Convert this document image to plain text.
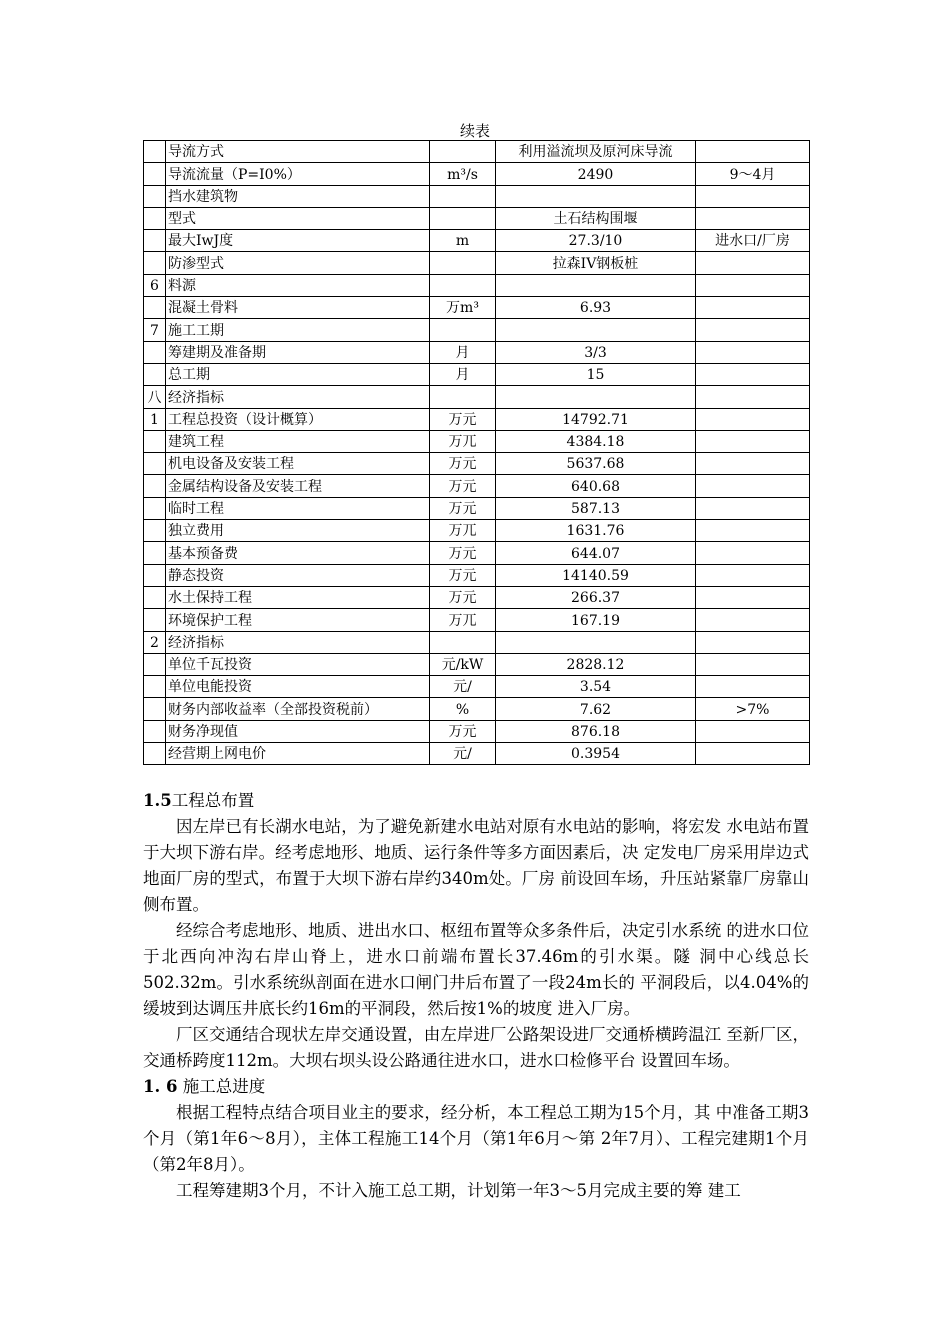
续表
	导流方式		利用溢流坝及原河床导流	
	导流流量（P=I0%）	m³/s	2490	9〜4月
	挡水建筑物			
	型式		土石结构围堰	
	最大IwJ度	m	27.3/10	进水口/厂房
	防渗型式		拉森IV钢板桩	
6	料源			
	混凝土骨料	万m³	6.93	
7	施工工期			
	筹建期及准备期	月	3/3	
	总工期	月	15	
八	经济指标			
1	工程总投资（设计概算）	万元	14792.71	
	建筑工程	万兀	4384.18	
	机电设备及安装工程	万元	5637.68	
	金属结构设备及安装工程	万元	640.68	
	临时工程	万元	587.13	
	独立费用	万兀	1631.76	
	基本预备费	万元	644.07	
	静态投资	万元	14140.59	
	水土保持工程	万元	266.37	
	环境保护工程	万兀	167.19	
2	经济指标			
	单位千瓦投资	元/kW	2828.12	
	单位电能投资	元/	3.54	
	财务内部收益率（全部投资税前）	%	7.62	>7%
	财务净现值	万元	876.18	
	经营期上网电价	元/	0.3954	
1.5工程总布置

因左岸已有长湖水电站，为了避免新建水电站对原有水电站的影响，将宏发 水电站布置于大坝下游右岸。经考虑地形、地质、运行条件等多方面因素后，决 定发电厂房采用岸边式地面厂房的型式，布置于大坝下游右岸约340m处。厂房 前设回车场，升压站紧靠厂房靠山侧布置。

经综合考虑地形、地质、进出水口、枢纽布置等众多条件后，决定引水系统 的进水口位于北西向冲沟右岸山脊上，进水口前端布置长37.46m的引水渠。隧 洞中心线总长502.32m。引水系统纵剖面在进水口闸门井后布置了一段24m长的 平洞段后，以4.04%的缓坡到达调压井底长约16m的平洞段，然后按1%的坡度 进入厂房。

厂区交通结合现状左岸交通设置，由左岸进厂公路架设进厂交通桥横跨温江 至新厂区，交通桥跨度112m。大坝右坝头设公路通往进水口，进水口检修平台 设置回车场。

1. 6 施工总进度

根据工程特点结合项目业主的要求，经分析，本工程总工期为15个月，其 中准备工期3个月（第1年6〜8月），主体工程施工14个月（第1年6月〜第 2年7月）、工程完建期1个月（第2年8月）。

工程筹建期3个月，不计入施工总工期，计划第一年3〜5月完成主要的筹 建工
